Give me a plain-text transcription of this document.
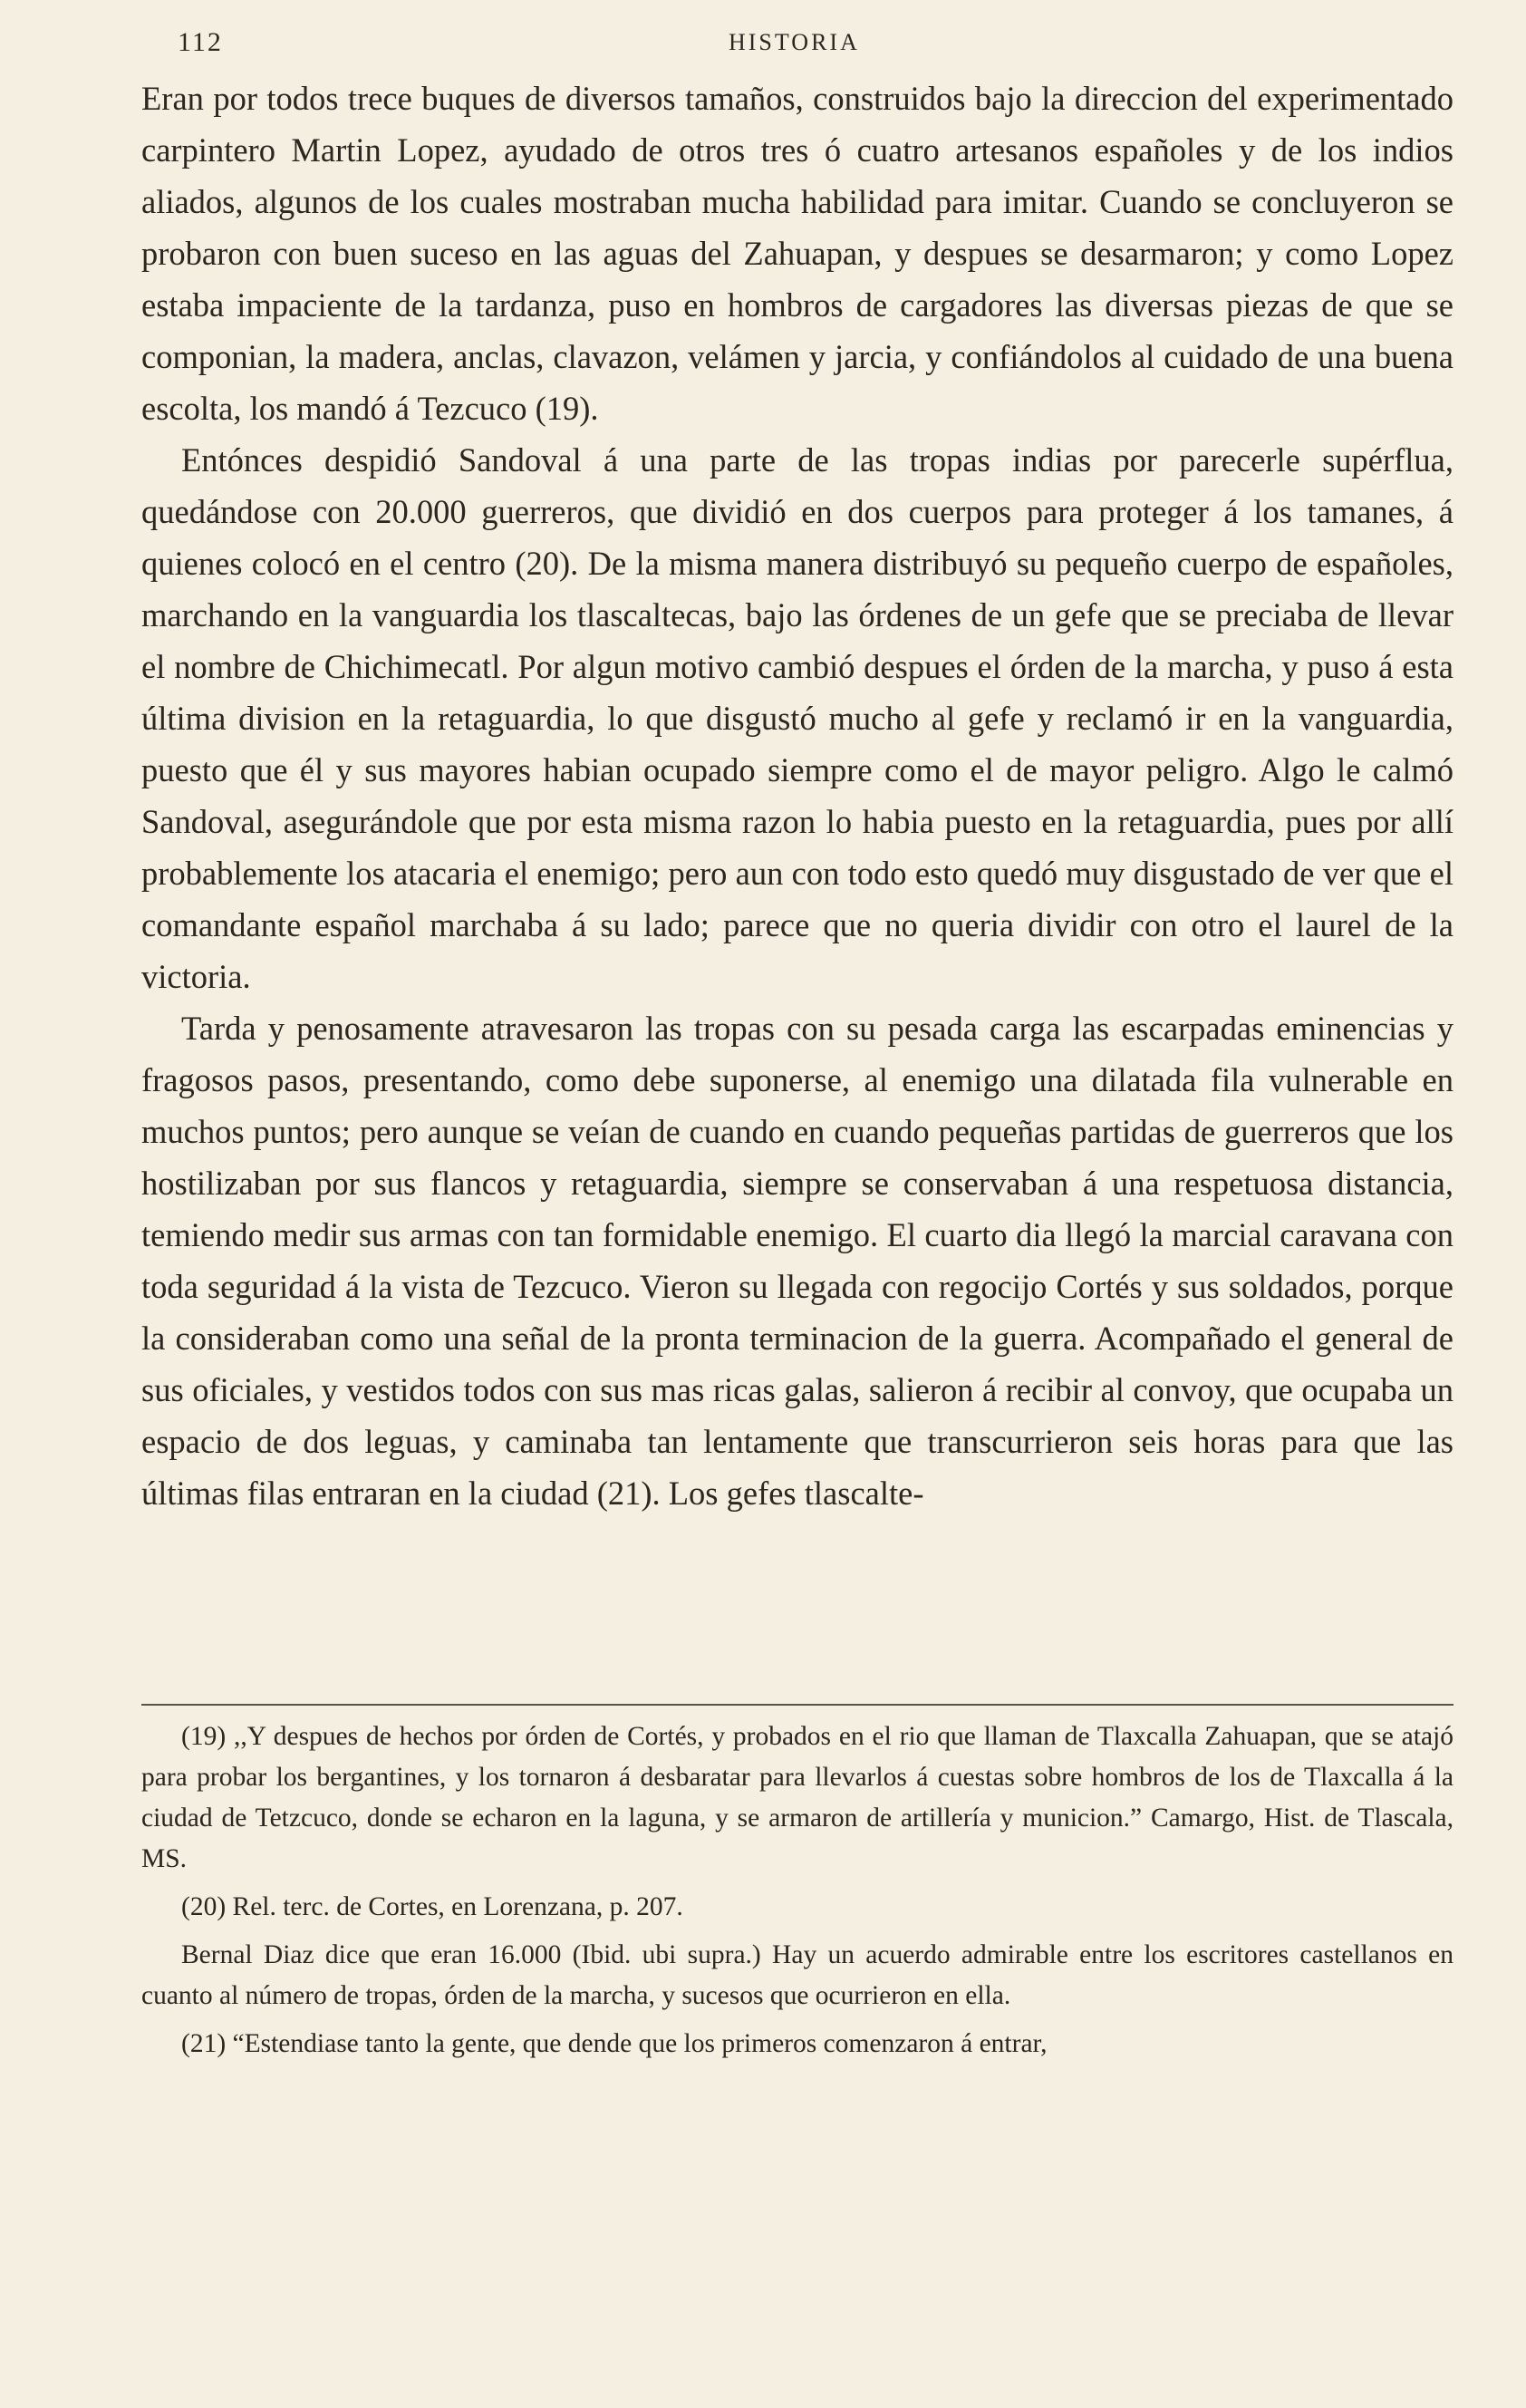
112	HISTORIA

Eran por todos trece buques de diversos tamaños, construidos bajo la direccion del experimentado carpintero Martin Lopez, ayudado de otros tres ó cuatro artesanos españoles y de los indios aliados, algunos de los cuales mostraban mucha habilidad para imitar. Cuando se concluyeron se probaron con buen suceso en las aguas del Zahuapan, y despues se desarmaron; y como Lopez estaba impaciente de la tardanza, puso en hombros de cargadores las diversas piezas de que se componian, la madera, anclas, clavazon, velámen y jarcia, y confiándolos al cuidado de una buena escolta, los mandó á Tezcuco (19).

Entónces despidió Sandoval á una parte de las tropas indias por parecerle supérflua, quedándose con 20.000 guerreros, que dividió en dos cuerpos para proteger á los tamanes, á quienes colocó en el centro (20). De la misma manera distribuyó su pequeño cuerpo de españoles, marchando en la vanguardia los tlascaltecas, bajo las órdenes de un gefe que se preciaba de llevar el nombre de Chichimecatl. Por algun motivo cambió despues el órden de la marcha, y puso á esta última division en la retaguardia, lo que disgustó mucho al gefe y reclamó ir en la vanguardia, puesto que él y sus mayores habian ocupado siempre como el de mayor peligro. Algo le calmó Sandoval, asegurándole que por esta misma razon lo habia puesto en la retaguardia, pues por allí probablemente los atacaria el enemigo; pero aun con todo esto quedó muy disgustado de ver que el comandante español marchaba á su lado; parece que no queria dividir con otro el laurel de la victoria.

Tarda y penosamente atravesaron las tropas con su pesada carga las escarpadas eminencias y fragosos pasos, presentando, como debe suponerse, al enemigo una dilatada fila vulnerable en muchos puntos; pero aunque se veían de cuando en cuando pequeñas partidas de guerreros que los hostilizaban por sus flancos y retaguardia, siempre se conservaban á una respetuosa distancia, temiendo medir sus armas con tan formidable enemigo. El cuarto dia llegó la marcial caravana con toda seguridad á la vista de Tezcuco. Vieron su llegada con regocijo Cortés y sus soldados, porque la consideraban como una señal de la pronta terminacion de la guerra. Acompañado el general de sus oficiales, y vestidos todos con sus mas ricas galas, salieron á recibir al convoy, que ocupaba un espacio de dos leguas, y caminaba tan lentamente que transcurrieron seis horas para que las últimas filas entraran en la ciudad (21). Los gefes tlascalte-

(19) ,,Y despues de hechos por órden de Cortés, y probados en el rio que llaman de Tlaxcalla Zahuapan, que se atajó para probar los bergantines, y los tornaron á desbaratar para llevarlos á cuestas sobre hombros de los de Tlaxcalla á la ciudad de Tetzcuco, donde se echaron en la laguna, y se armaron de artillería y municion.” Camargo, Hist. de Tlascala, MS.

(20) Rel. terc. de Cortes, en Lorenzana, p. 207.

Bernal Diaz dice que eran 16.000 (Ibid. ubi supra.) Hay un acuerdo admirable entre los escritores castellanos en cuanto al número de tropas, órden de la marcha, y sucesos que ocurrieron en ella.

(21) “Estendiase tanto la gente, que dende que los primeros comenzaron á entrar,
